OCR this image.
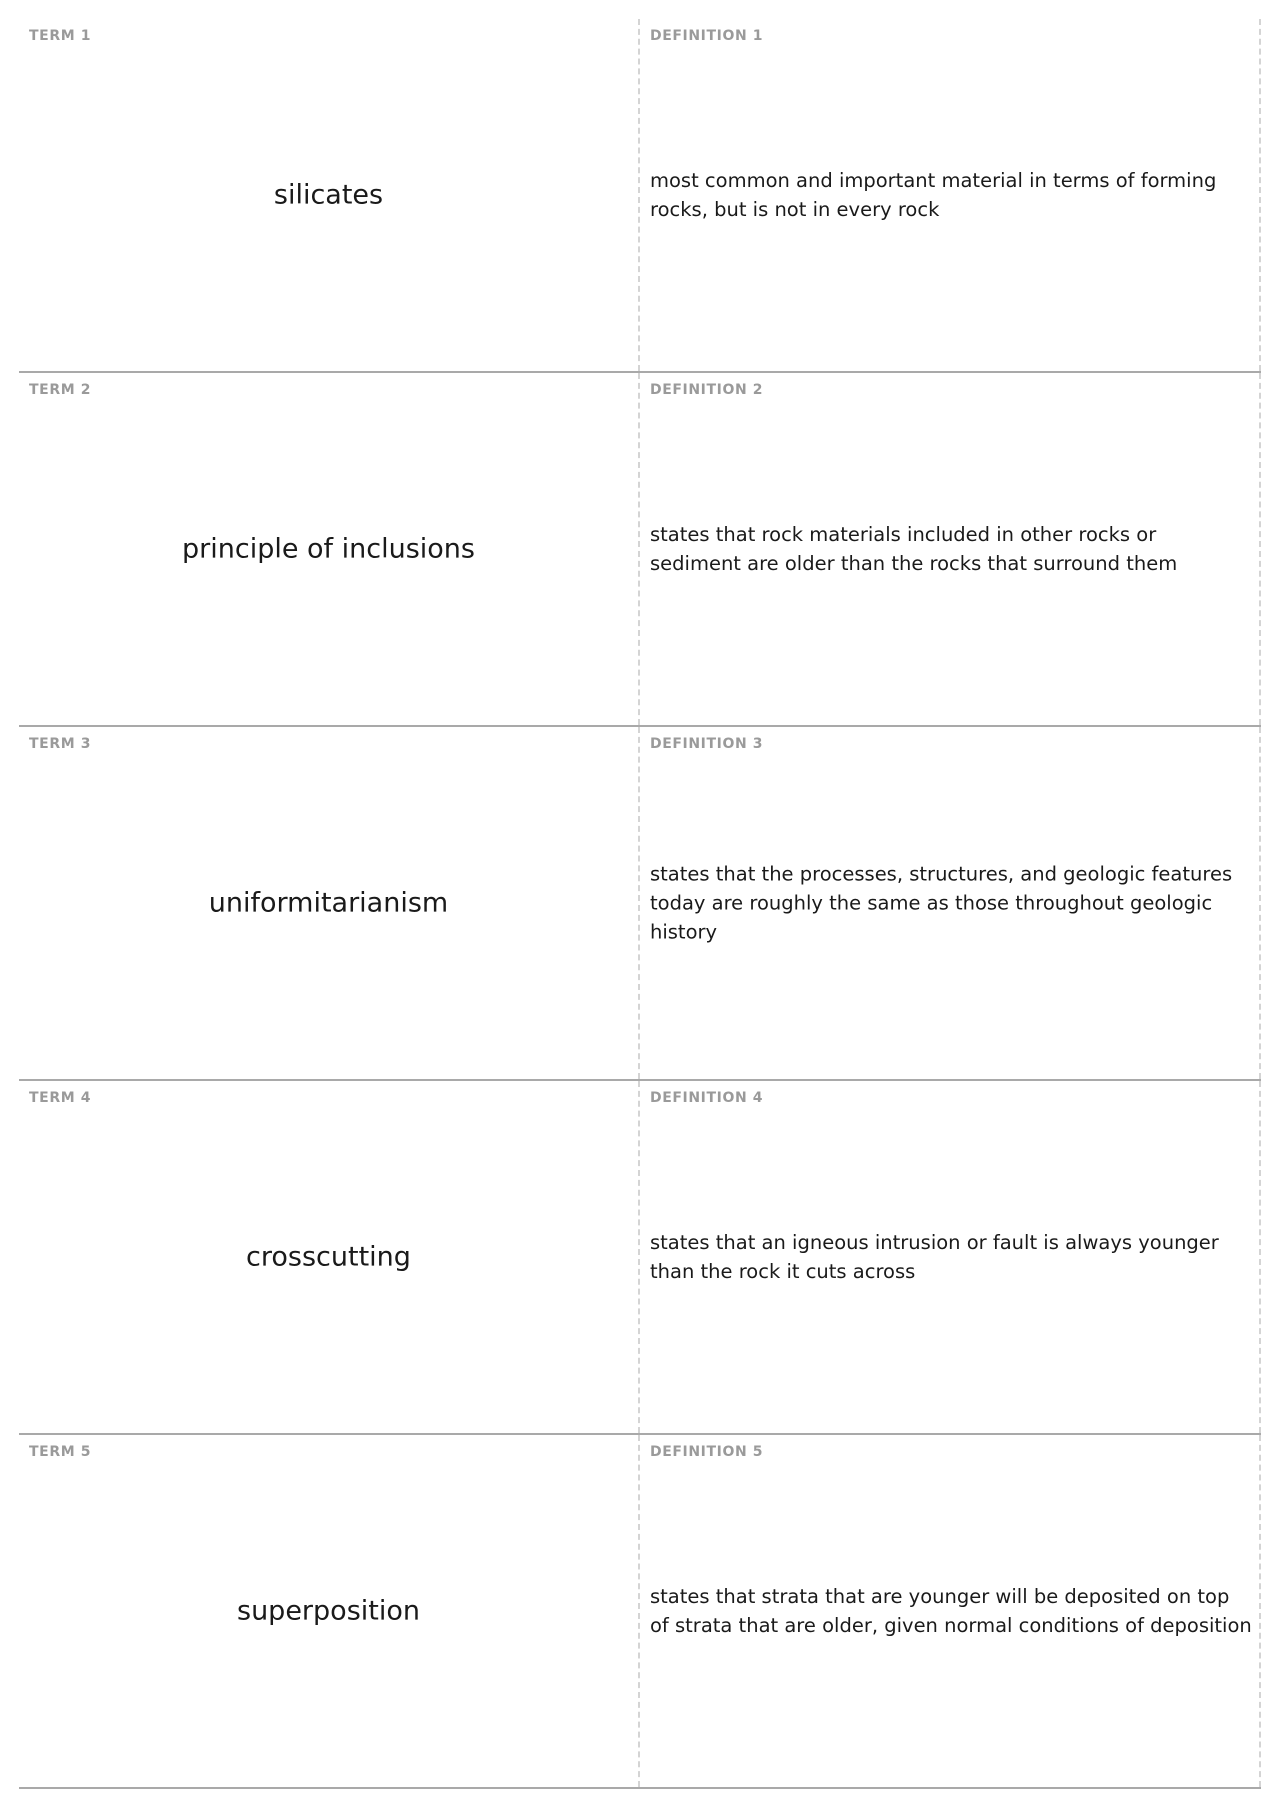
TERM 1
silicates
DEFINITION 1
most common and important material in terms of forming rocks, but is not in every rock
TERM 2
principle of inclusions
DEFINITION 2
states that rock materials included in other rocks or sediment are older than the rocks that surround them
TERM 3
uniformitarianism
DEFINITION 3
states that the processes, structures, and geologic features today are roughly the same as those throughout geologic history
TERM 4
crosscutting
DEFINITION 4
states that an igneous intrusion or fault is always younger than the rock it cuts across
TERM 5
superposition
DEFINITION 5
states that strata that are younger will be deposited on top of strata that are older, given normal conditions of deposition
